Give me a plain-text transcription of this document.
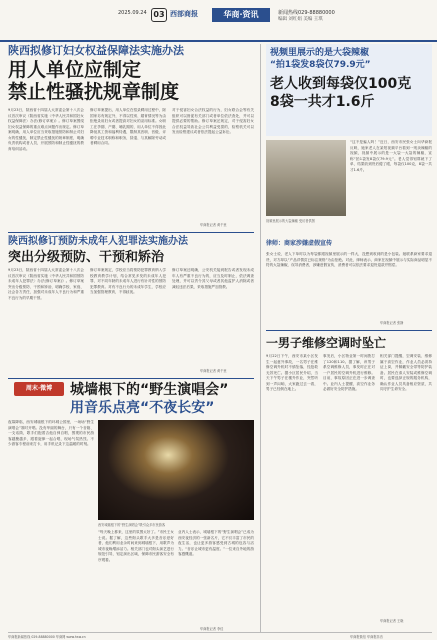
2025.09.24 03 西部商报	华商·资讯	新闻热线029-88880000
编辑 刘红娟 美编 王琪
陕西拟修订妇女权益保障法实施办法
用人单位应制定
禁止性骚扰规章制度
9月23日，陕西省十四届人大常委会第十八次会议首次审议《陕西省实施〈中华人民共和国妇女权益保障法〉办法(修订草案)》。修订草案围绕妇女权益保障的重点难点问题作出规定。修订草案明确，用人单位应当采取措施预防和制止对妇女的性骚扰，制定禁止性骚扰的规章制度，明确负责机构或者人员，开展预防和制止性骚扰的教育培训活动。
修订草案提出，用人单位在招录聘用过程中，除国家另有规定外，不得以性别、婚育情况等为由拒绝录用妇女或者提高对妇女的录用标准。女职工在孕期、产期、哺乳期的，用人单位不得因此降低其工资和福利待遇，限制其晋职、晋级、评聘专业技术职称和职务，辞退、与其解除劳动或者聘用合同。
对于侵害妇女合法权益的行为，妇女联合会等有关组织可以督促有关部门或者单位依法查处，并可以提供必要的帮助。修订草案还规定，对于侵害妇女合法权益导致社会公共利益受损的，检察机关可以发出检察建议或者依法提起公益诉讼。
华商报记者 黄千里
陕西拟修订预防未成年人犯罪法实施办法
突出分级预防、干预和矫治
9月23日，陕西省十四届人大常委会第十八次会议首次审议《陕西省实施〈中华人民共和国预防未成年人犯罪法〉办法(修订草案)》。修订草案突出分级预防、干预和矫治，明确学校、家庭、社会各方责任，加强对未成年人不良行为和严重不良行为的早期干预。
修订草案规定，学校应当将预防犯罪教育纳入学校教育教学计划，结合常见多发的未成年人犯罪，对不同年龄的未成年人进行有针对性的预防犯罪教育。对有不良行为的未成年学生，学校应当加强管理教育，不得歧视。
修订草案还明确，公安机关接到报告或者发现未成年人有严重不良行为的，应当及时制止，依法调查处理，并可以责令其父母或者其他监护人消除或者减轻违法后果，采取措施严加管教。
华商报记者 黄千里
周末·微博	城墙根下的“野生演唱会”
用音乐点亮“不夜长安”
夜幕降临，西安城墙根下的环城公园里，一场场“野生演唱会”准时开唱。没有华丽的舞台，只有一个音箱、一支话筒，歌手们抱着吉他自弹自唱，围观的市民游客越聚越多，跟着旋律一起合唱，现场气氛热烈。不少游客专程前来打卡，用手机记录下这温暖的时刻。
西安城墙根下的“野生演唱会”吸引众多市民游客
“每天晚上都来，这里的氛围太好了。”市民王女士说。据了解，这些街头歌手大多是音乐爱好者，他们利用业余时间来到城墙根下，用歌声为城市夜晚增添活力。相关部门也对街头演艺进行规范引导，划定演出区域，保障市民游客安全有序观看。
业内人士表示，城墙根下的“野生演唱会”已成为西安夜经济的一张新名片，它不仅丰富了市民的夜生活，也让更多游客感受到古城的包容与活力。“音乐让城市更有温度。”一位来自外地的游客感慨道。
华商报记者 李佳
视频里展示的是大袋辣椒
“拍1袋发8袋仅79.9元”
老人收到每袋仅100克
8袋一共才1.6斤
视频里展示的大袋辣椒 受访者供图
“这不是骗人吗！”近日，西安市民张女士向华商报反映，她家老人在某短视频平台看到一则卖辣椒的视频，视频中展示的是一大袋一大袋的辣椒，宣称“拍1袋发8袋仅79.9元”。老人觉得划算就下了单，结果收到货后傻了眼，每袋仅100克，8袋一共才1.6斤。
律师：商家涉嫌虚假宣传
张女士说，老人下单时以为每袋都跟视频里展示的一样大，没想到收到的是小包装。她联系商家要求退货，对方却以“产品详情页已标注规格”为由拒绝。对此，律师表示，商家在视频中展示与实际商品明显不符的大袋辣椒，误导消费者，涉嫌虚假宣传，消费者可以依法要求退货退款并赔偿。
华商报记者 张静
一男子维修空调时坠亡
9月22日下午，西安市某小区发生一起意外事故，一名男子在维修空调外机时不慎坠落，经抢救无效死亡。据小区居民介绍，当天下午男子在楼外作业，突然听到一声闷响，大家跑过去一看，男子已经倒在地上。
事发后，小区物业第一时间拨打了120和110。据了解，该男子系空调维修人员，事发时正在对一户居民的空调外机进行维修。目前，事故原因正在进一步调查中。业内人士提醒，高空作业务必做好安全防护措施。
相关部门提醒，空调安装、维修属于高空作业，作业人员必须持证上岗，并佩戴安全带等防护装备。居民在请人安装或维修空调时，也要选择正规的服务机构，确认作业人员具备相应资质，共同守护生命安全。
华商报记者 王晓
华商报新闻热线 029-88880000 华商网 www.hsw.cn	华商报微信 华商报抖音
